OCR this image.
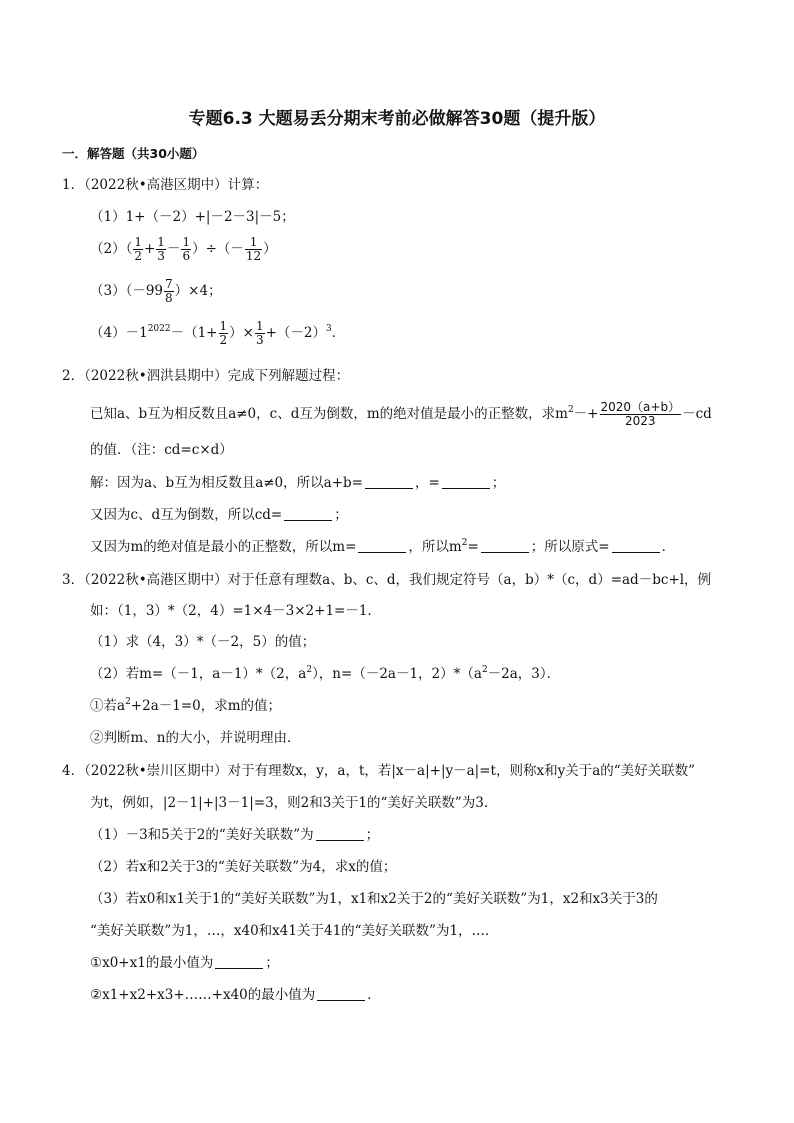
专题6.3 大题易丢分期末考前必做解答30题（提升版）
一．解答题（共30小题）
1．（2022秋•高港区期中）计算：
（1）1+（－2）+|－2－3|－5；
$(2)( \frac{1}{2} + \frac{1}{3} - \frac{1}{6}$ ）÷（－ $\frac{1}{12}$ ）
$(3)(-99 \frac{7}{8} )\times 4$；
$(4)-1^{2022}-(1+ \frac{1}{2}$ ）× $\frac{1}{3} +(-2)^3$．
2．（2022秋•泗洪县期中）完成下列解题过程：
已知a、b互为相反数且a≠0，c、d互为倒数，m的绝对值是最小的正整数，求$m^2-+ \frac{2020(a+b)}{2023} -cd$
的值．（注：cd=c×d）
解：因为a、b互为相反数且a≠0，所以a+b=	，=	；
又因为c、d互为倒数，所以cd=	；
又因为m的绝对值是最小的正整数，所以m=	，所以$m^2=$	；所以原式=	．
3．（2022秋•高港区期中）对于任意有理数a、b、c、d，我们规定符号（a，b）*（c，d）=ad－bc+l，例
如：（1，3）*（2，4）=1×4－3×2+1=－1．
（1）求（4，3）*（－2，5）的值；
（2）若m=（－1，a－1）*（2，$a^2$），n=（－2a－1，$2)*(a^2-2a$，3）．
①若$a^2+2a-1=0$，求m的值；
②判断m、n的大小，并说明理由．
4．（2022秋•崇川区期中）对于有理数x，y，a，t，若|x－a|+|y－a|=t，则称x和y关于a的“美好关联数”
为t，例如，|2－1|+|3－1|=3，则2和3关于1的“美好关联数”为3．
（1）－3和5关于2的“美好关联数”为	；
（2）若x和2关于3的“美好关联数”为4，求x的值；
（3）若x0和x1关于1的“美好关联数”为1，x1和x2关于2的“美好关联数”为1，x2和x3关于3的
“美好关联数”为1，…，x40和x41关于41的“美好关联数”为1，…．
①x0+x1的最小值为	；
②x1+x2+x3+……+x40的最小值为	．
